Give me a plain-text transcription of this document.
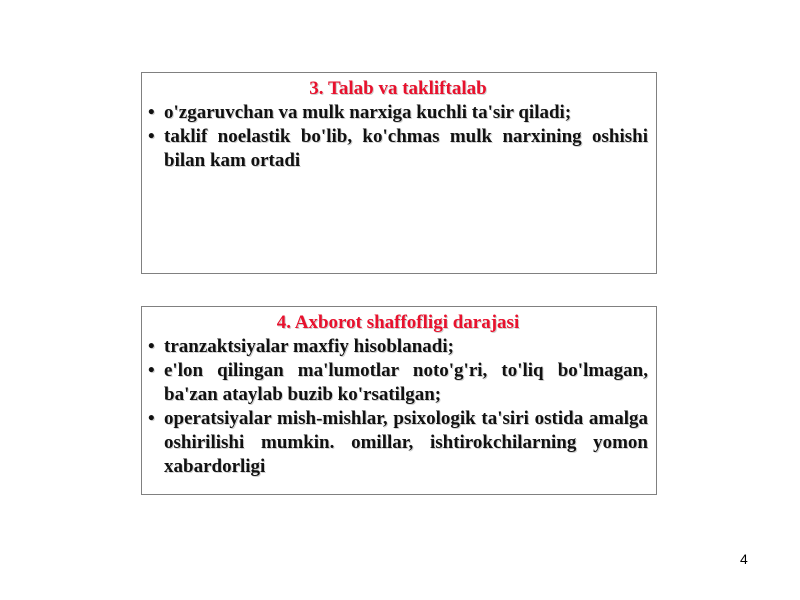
3. Talab va takliftalab
• o'zgaruvchan va mulk narxiga kuchli ta'sir qiladi;
• taklif noelastik bo'lib, ko'chmas mulk narxining oshishi bilan kam ortadi
4. Axborot shaffofligi darajasi
• tranzaktsiyalar maxfiy hisoblanadi;
• e'lon qilingan ma'lumotlar noto'g'ri, to'liq bo'lmagan, ba'zan ataylab buzib ko'rsatilgan;
• operatsiyalar mish-mishlar, psixologik ta'siri ostida amalga oshirilishi mumkin. omillar, ishtirokchilarning yomon xabardorligi
4
